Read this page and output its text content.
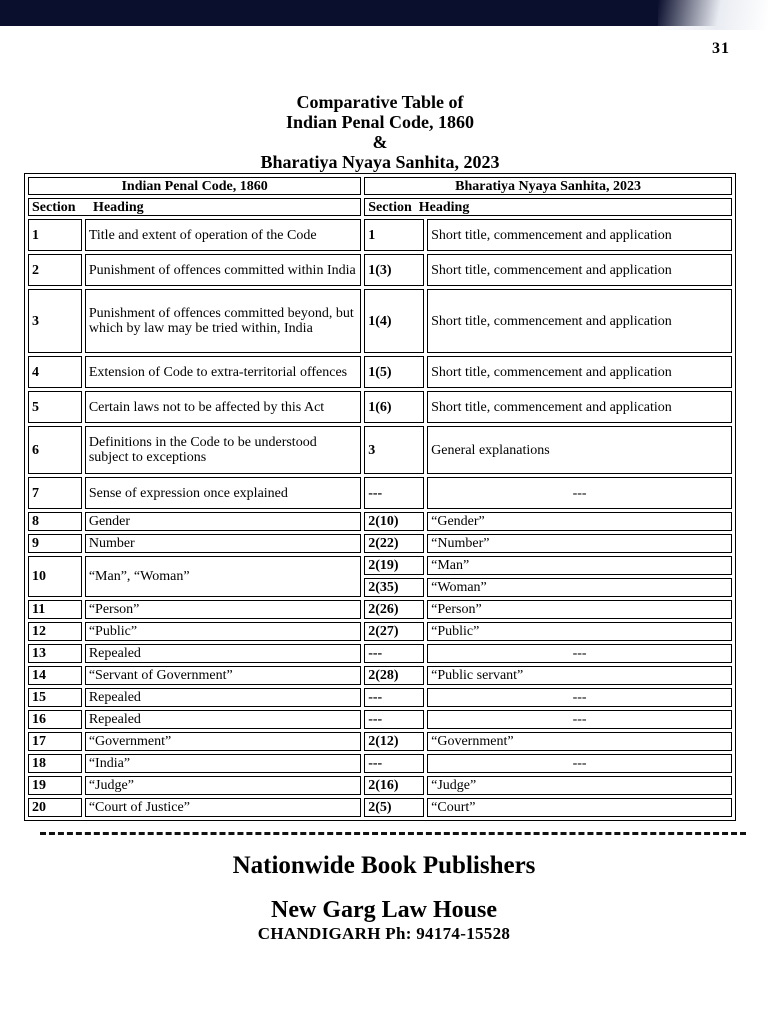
31
Comparative Table of
Indian Penal Code, 1860
&
Bharatiya Nyaya Sanhita, 2023
Indian Penal Code, 1860		Bharatiya Nyaya Sanhita, 2023	
Section     Heading		Section  Heading	
1	Title and extent of operation of the Code	1	Short title, commencement and application
2	Punishment of offences committed within India	1(3)	Short title, commencement and application
3	Punishment of offences committed beyond, but which by law may be tried within, India	1(4)	Short title, commencement and application
4	Extension of Code to extra-territorial offences	1(5)	Short title, commencement and application
5	Certain laws not to be affected by this Act	1(6)	Short title, commencement and application
6	Definitions in the Code to be understood subject to exceptions	3	General explanations
7	Sense of expression once explained	---	---
8	Gender	2(10)	“Gender”
9	Number	2(22)	“Number”
10	“Man”, “Woman”	2(19)	“Man”
		2(35)	“Woman”
11	“Person”	2(26)	“Person”
12	“Public”	2(27)	“Public”
13	Repealed	---	---
14	“Servant of Government”	2(28)	“Public servant”
15	Repealed	---	---
16	Repealed	---	---
17	“Government”	2(12)	“Government”
18	“India”	---	---
19	“Judge”	2(16)	“Judge”
20	“Court of Justice”	2(5)	“Court”
Nationwide Book Publishers
New Garg Law House
CHANDIGARH Ph: 94174-15528
